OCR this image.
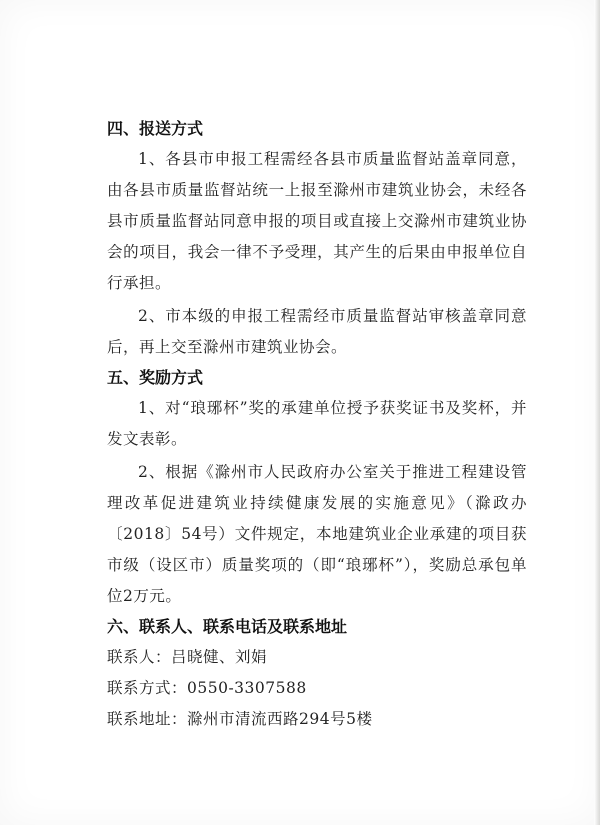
四、报送方式

1、各县市申报工程需经各县市质量监督站盖章同意，由各县市质量监督站统一上报至滁州市建筑业协会，未经各县市质量监督站同意申报的项目或直接上交滁州市建筑业协会的项目，我会一律不予受理，其产生的后果由申报单位自行承担。

2、市本级的申报工程需经市质量监督站审核盖章同意后，再上交至滁州市建筑业协会。

五、奖励方式

1、对“琅琊杯”奖的承建单位授予获奖证书及奖杯，并发文表彰。

2、根据《滁州市人民政府办公室关于推进工程建设管理改革促进建筑业持续健康发展的实施意见》（滁政办〔2018〕54号）文件规定，本地建筑业企业承建的项目获市级（设区市）质量奖项的（即“琅琊杯”），奖励总承包单位2万元。

六、联系人、联系电话及联系地址

联系人：吕晓健、刘娟

联系方式：0550-3307588

联系地址：滁州市清流西路294号5楼
